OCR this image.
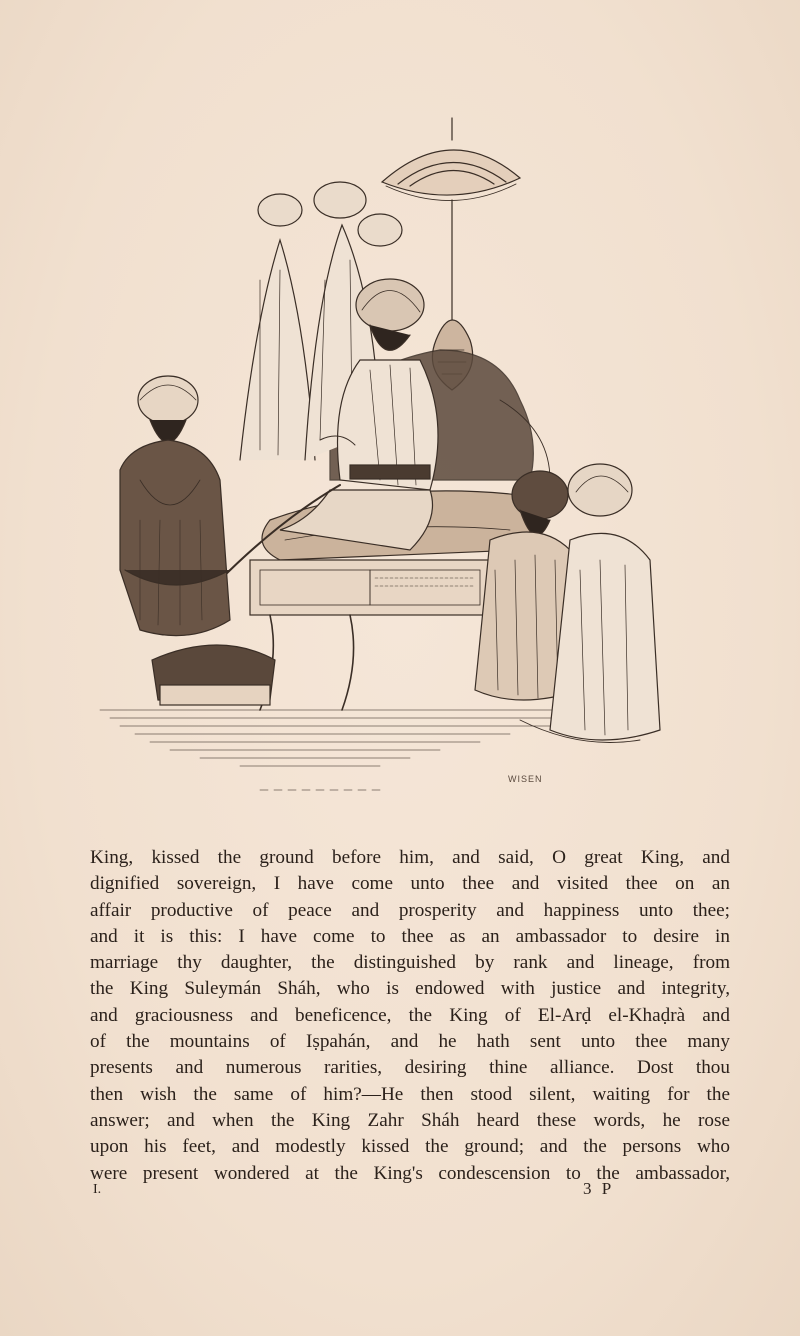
WISEN
King, kissed the ground before him, and said, O great King, and
dignified sovereign, I have come unto thee and visited thee on an
affair productive of peace and prosperity and happiness unto thee;
and it is this: I have come to thee as an ambassador to desire in
marriage thy daughter, the distinguished by rank and lineage, from
the King Suleymán Sháh, who is endowed with justice and integrity,
and graciousness and beneficence, the King of El-Arḍ el-Khaḍrà and
of the mountains of Iṣpahán, and he hath sent unto thee many
presents and numerous rarities, desiring thine alliance. Dost thou
then wish the same of him?—He then stood silent, waiting for the
answer; and when the King Zahr Sháh heard these words, he rose
upon his feet, and modestly kissed the ground; and the persons who
were present wondered at the King's condescension to the ambassador,
I.	3 P
